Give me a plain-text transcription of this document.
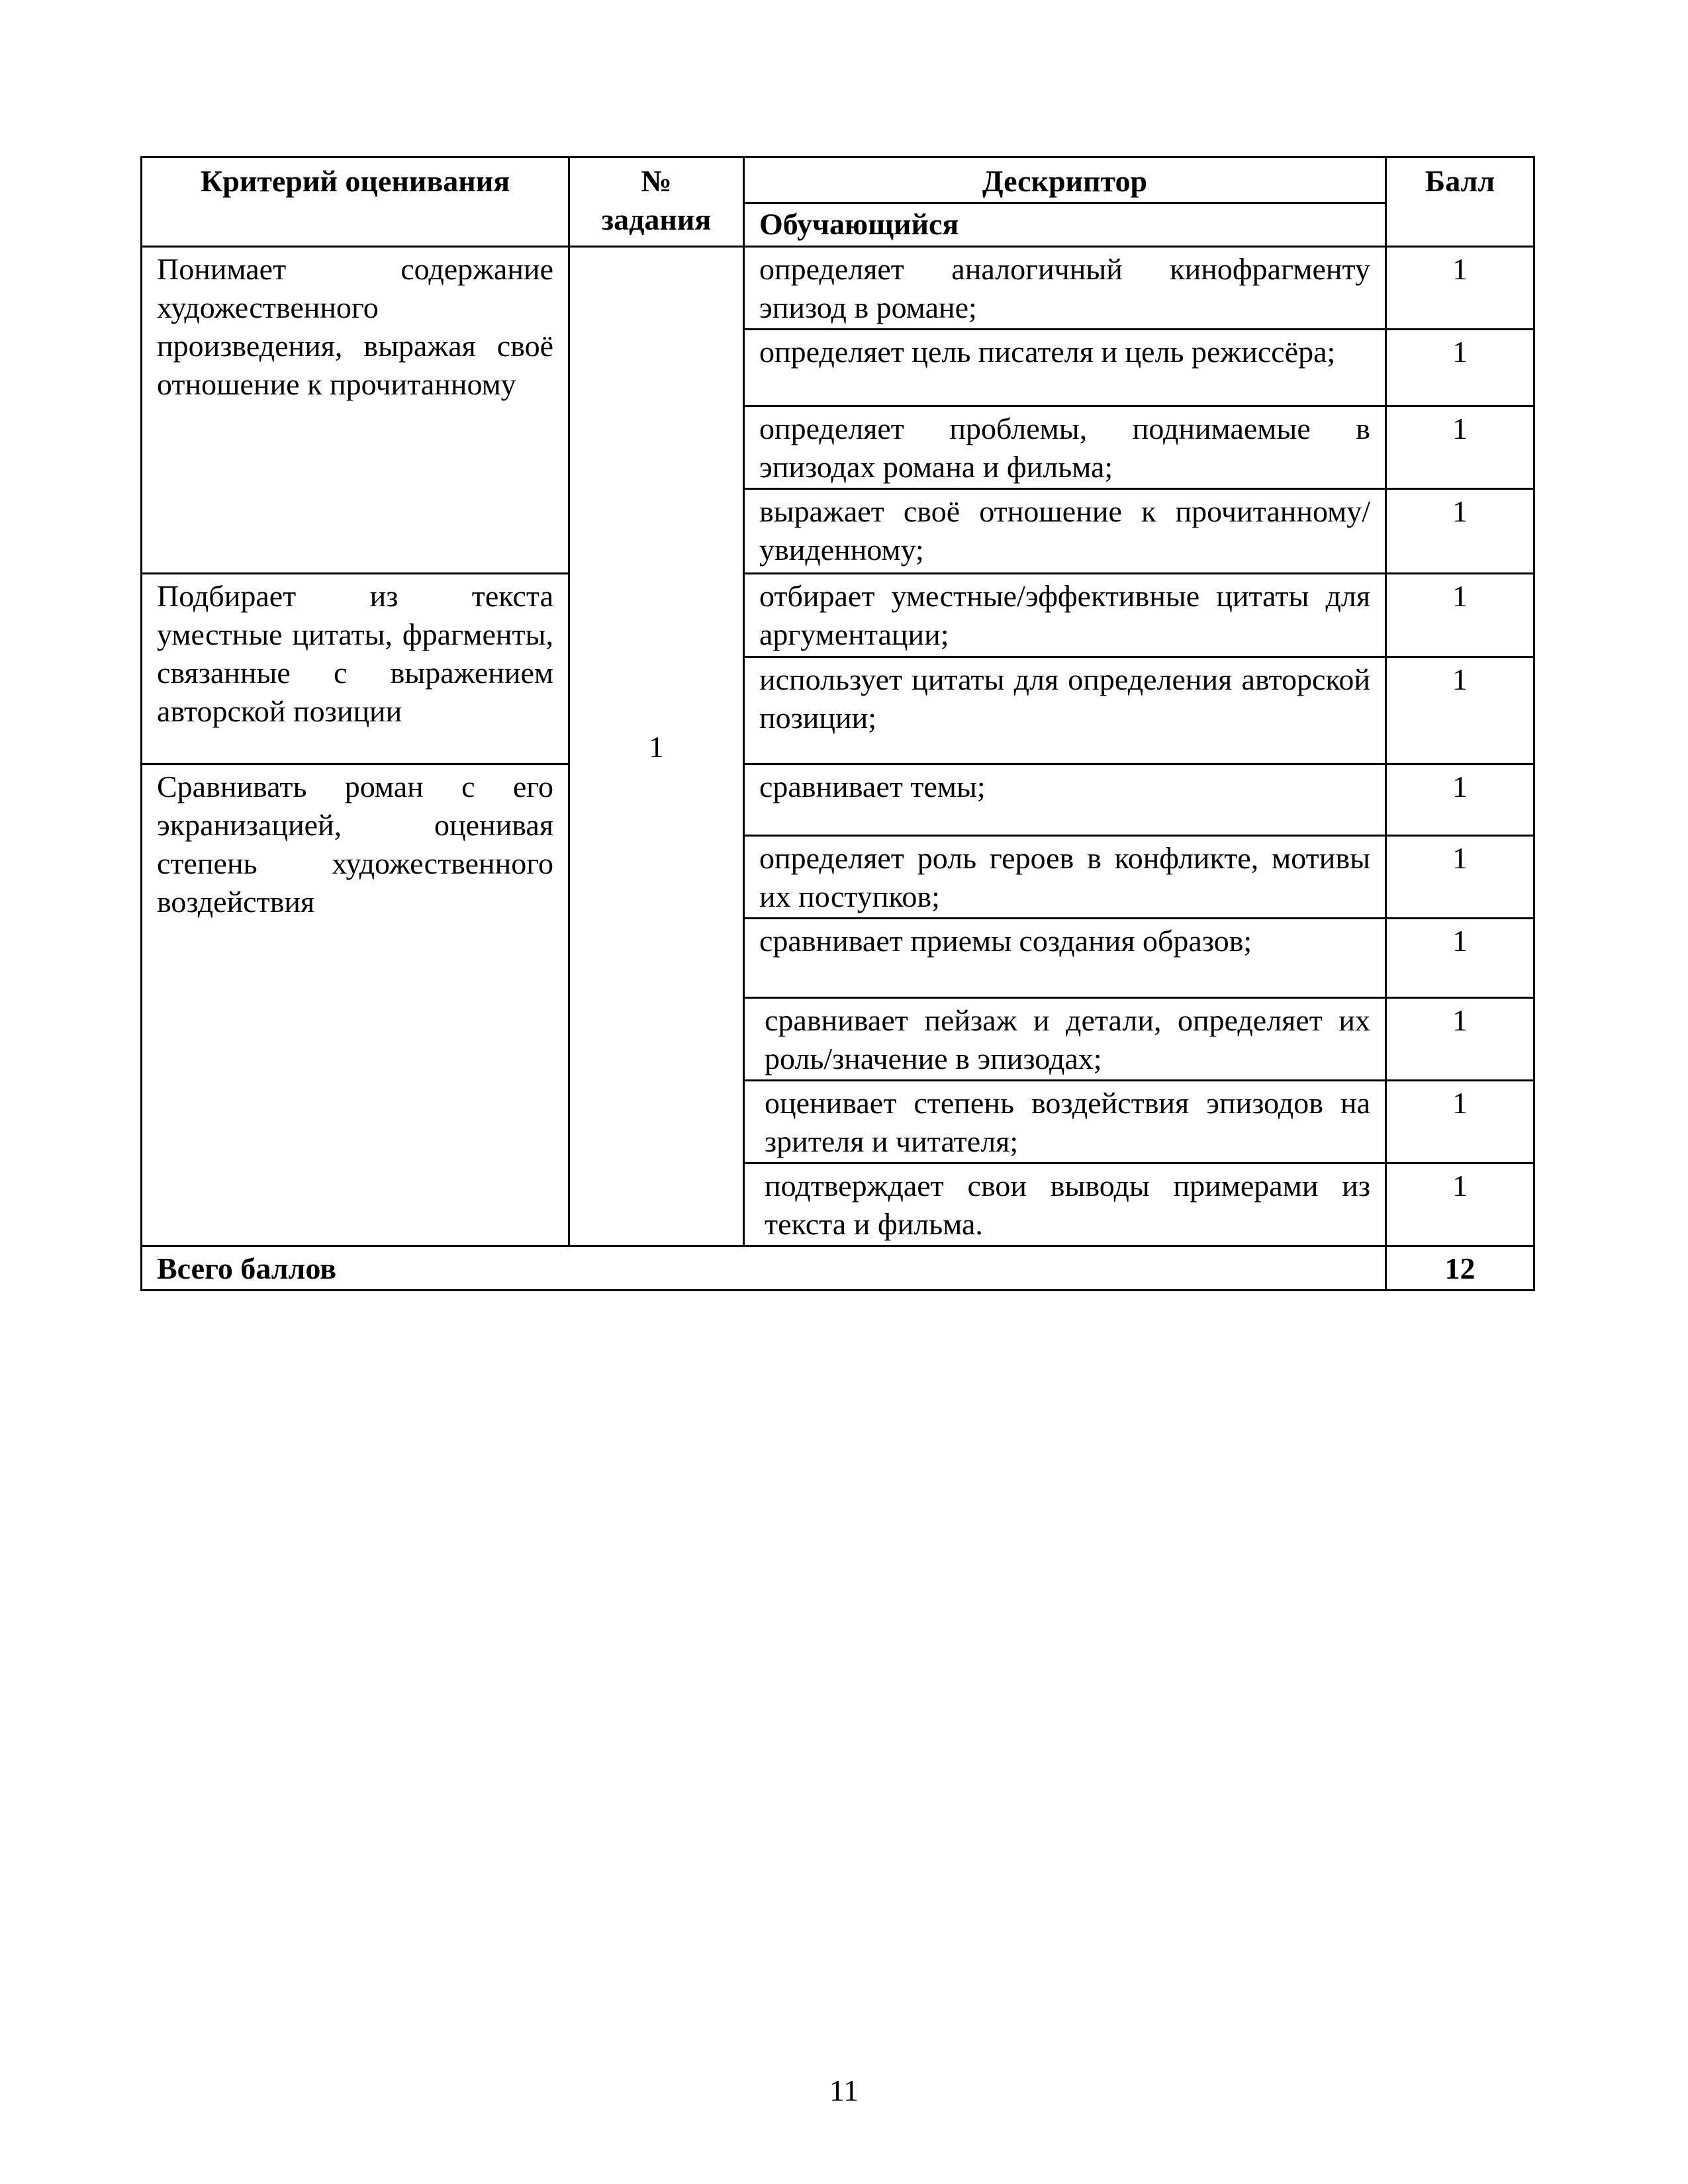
Критерий оценивания	№ задания	Дескриптор	Балл
		Обучающийся	
Понимает содержание художественного произведения, выражая своё отношение к прочитанному	1	определяет аналогичный кинофрагменту эпизод в романе;	1
		определяет цель писателя и цель режиссёра;	1
		определяет проблемы, поднимаемые в эпизодах романа и фильма;	1
		выражает своё отношение к прочитанному/увиденному;	1
Подбирает из текста уместные цитаты, фрагменты, связанные с выражением авторской позиции		отбирает уместные/эффективные цитаты для аргументации;	1
		использует цитаты для определения авторской позиции;	1
Сравнивать роман с его экранизацией, оценивая степень художественного воздействия		сравнивает темы;	1
		определяет роль героев в конфликте, мотивы их поступков;	1
		сравнивает приемы создания образов;	1
		сравнивает пейзаж и детали, определяет их роль/значение в эпизодах;	1
		оценивает степень воздействия эпизодов на зрителя и читателя;	1
		подтверждает свои выводы примерами из текста и фильма.	1
Всего баллов			12
11
